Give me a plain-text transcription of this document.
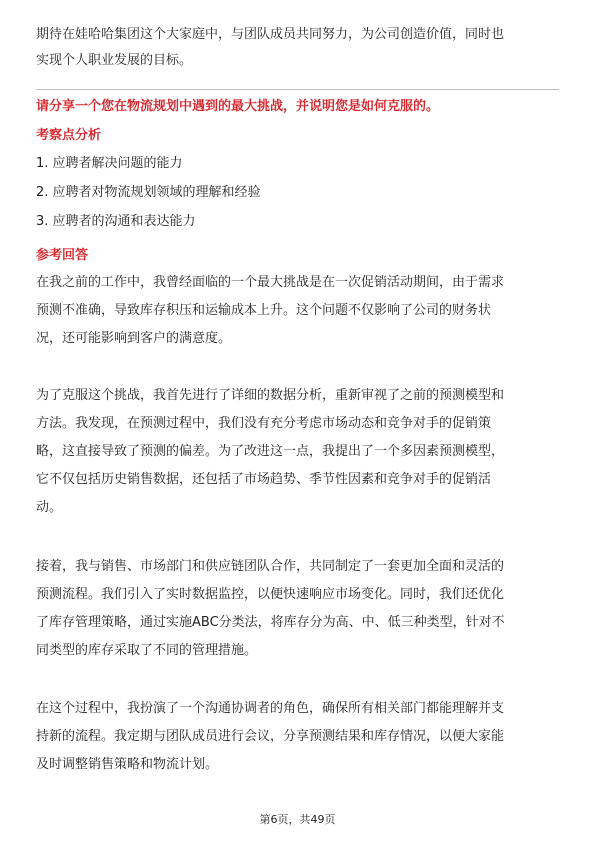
期待在娃哈哈集团这个大家庭中，与团队成员共同努力，为公司创造价值，同时也
实现个人职业发展的目标。
请分享一个您在物流规划中遇到的最大挑战，并说明您是如何克服的。
考察点分析
1. 应聘者解决问题的能力
2. 应聘者对物流规划领域的理解和经验
3. 应聘者的沟通和表达能力
参考回答
在我之前的工作中，我曾经面临的一个最大挑战是在一次促销活动期间，由于需求
预测不准确，导致库存积压和运输成本上升。这个问题不仅影响了公司的财务状
况，还可能影响到客户的满意度。
为了克服这个挑战，我首先进行了详细的数据分析，重新审视了之前的预测模型和
方法。我发现，在预测过程中，我们没有充分考虑市场动态和竞争对手的促销策
略，这直接导致了预测的偏差。为了改进这一点，我提出了一个多因素预测模型，
它不仅包括历史销售数据，还包括了市场趋势、季节性因素和竞争对手的促销活
动。
接着，我与销售、市场部门和供应链团队合作，共同制定了一套更加全面和灵活的
预测流程。我们引入了实时数据监控，以便快速响应市场变化。同时，我们还优化
了库存管理策略，通过实施ABC分类法，将库存分为高、中、低三种类型，针对不
同类型的库存采取了不同的管理措施。
在这个过程中，我扮演了一个沟通协调者的角色，确保所有相关部门都能理解并支
持新的流程。我定期与团队成员进行会议，分享预测结果和库存情况，以便大家能
及时调整销售策略和物流计划。
第6页，共49页
